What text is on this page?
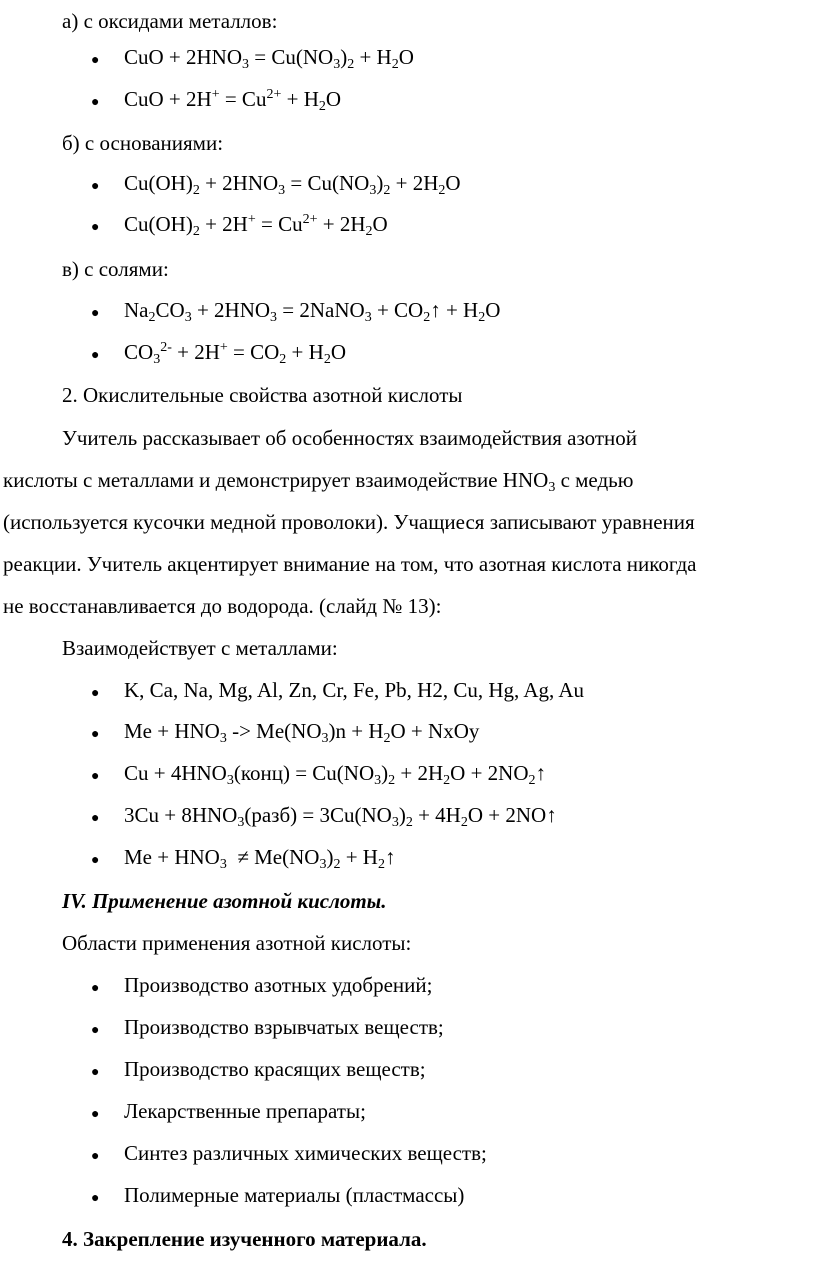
а) с оксидами металлов:
● CuO + $2HNO_3 = Cu(NO_3)_2 + H_2O$
● CuO + $2H^+ = Cu^{2+} + H_2O$
б) с основаниями:
● $Cu(OH)_2 + 2HNO_3 = Cu(NO_3)_2 + 2H_2O$
● $Cu(OH)_2 + 2H^+ = Cu^{2+} + 2H_2O$
в) с солями:
● $Na_2CO_3 + 2HNO_3$ = 2NaNO$_3$ + $CO_2↑ + H_2O$
● $CO_3^{2-} + 2H^+ = CO_2 + H_2O$
2. Окислительные свойства азотной кислоты
Учитель рассказывает об особенностях взаимодействия азотной
кислоты с металлами и демонстрирует взаимодействие $HNO_3$ с медью
(используется кусочки медной проволоки). Учащиеся записывают уравнения
реакции. Учитель акцентирует внимание на том, что азотная кислота никогда
не восстанавливается до водорода. (слайд № 13):
Взаимодействует с металлами:
● K, Ca, Na, Mg, Al, Zn, Cr, Fe, Pb, H2, Cu, Hg, Ag, Au
● $Me + HNO_3 -> Me(NO_3)n + H_2O$ + NxOy
● $Cu + 4HNO_3(конц) = Cu(NO_3)_2 + 2H_2O$ + $2NO_2↑$
● $3Cu + 8HNO_3(разб) = 3Cu(NO_3)_2 + 4H_2O$ + 2NO↑
● $Me + HNO_3 \ne Me(NO_3)_2$ + $H_2↑$
IV. Применение азотной кислоты.
Области применения азотной кислоты:
● Производство азотных удобрений;
● Производство взрывчатых веществ;
● Производство красящих веществ;
● Лекарственные препараты;
● Синтез различных химических веществ;
● Полимерные материалы (пластмассы)
4. Закрепление изученного материала.
